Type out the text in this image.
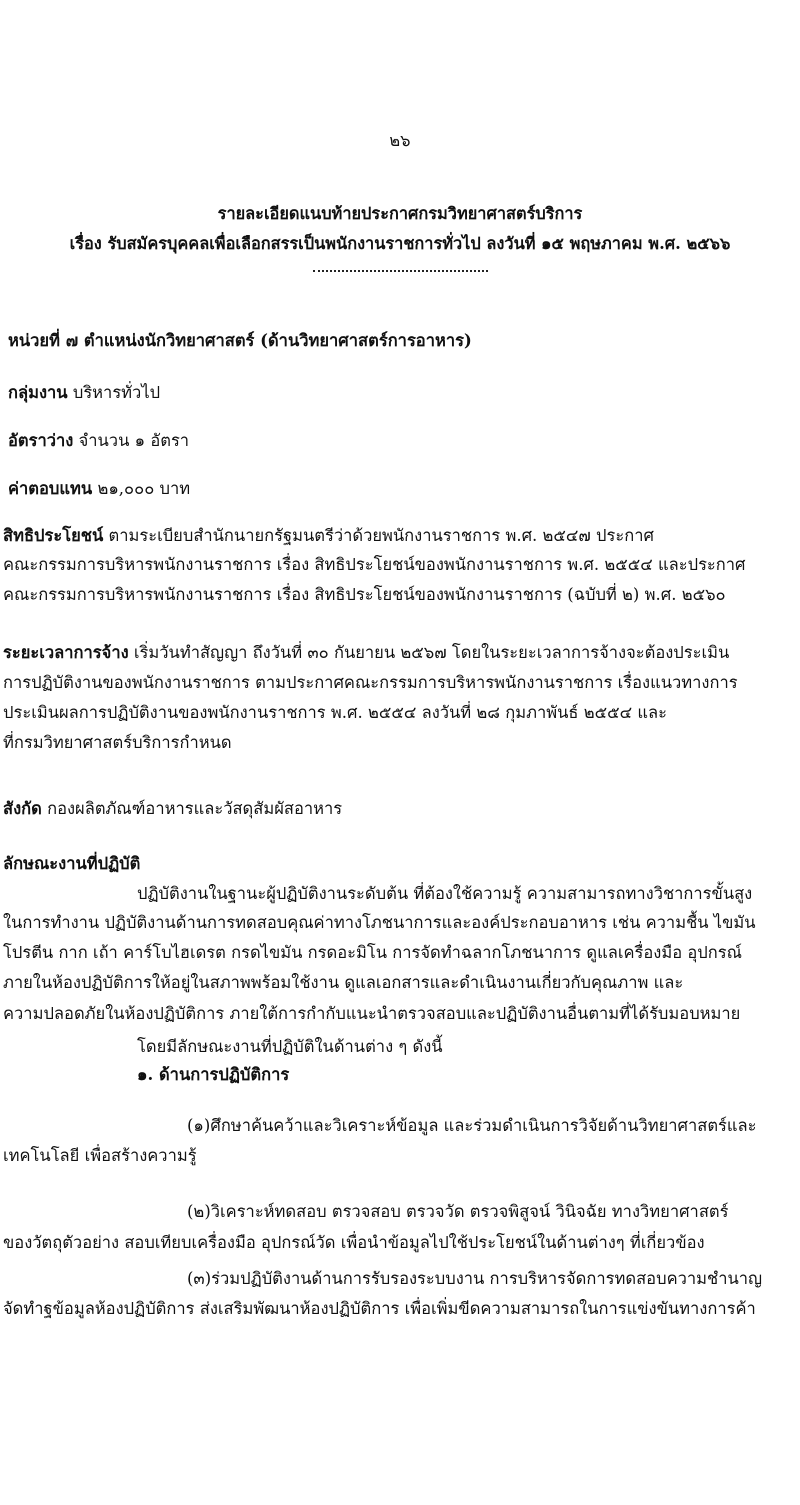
๒๖
รายละเอียดแนบท้ายประกาศกรมวิทยาศาสตร์บริการ
เรื่อง รับสมัครบุคคลเพื่อเลือกสรรเป็นพนักงานราชการทั่วไป ลงวันที่ ๑๕ พฤษภาคม พ.ศ. ๒๕๖๖
หน่วยที่ ๗ ตำแหน่งนักวิทยาศาสตร์ (ด้านวิทยาศาสตร์การอาหาร)
กลุ่มงาน บริหารทั่วไป
อัตราว่าง จำนวน ๑ อัตรา
ค่าตอบแทน ๒๑,๐๐๐ บาท
สิทธิประโยชน์ ตามระเบียบสำนักนายกรัฐมนตรีว่าด้วยพนักงานราชการ พ.ศ. ๒๕๔๗ ประกาศ
คณะกรรมการบริหารพนักงานราชการ เรื่อง สิทธิประโยชน์ของพนักงานราชการ พ.ศ. ๒๕๕๔ และประกาศ
คณะกรรมการบริหารพนักงานราชการ เรื่อง สิทธิประโยชน์ของพนักงานราชการ (ฉบับที่ ๒) พ.ศ. ๒๕๖๐
ระยะเวลาการจ้าง เริ่มวันทำสัญญา ถึงวันที่ ๓๐ กันยายน ๒๕๖๗ โดยในระยะเวลาการจ้างจะต้องประเมิน
การปฏิบัติงานของพนักงานราชการ ตามประกาศคณะกรรมการบริหารพนักงานราชการ เรื่องแนวทางการ
ประเมินผลการปฏิบัติงานของพนักงานราชการ พ.ศ. ๒๕๕๔ ลงวันที่ ๒๘ กุมภาพันธ์ ๒๕๕๔ และ
ที่กรมวิทยาศาสตร์บริการกำหนด
สังกัด กองผลิตภัณฑ์อาหารและวัสดุสัมผัสอาหาร
ลักษณะงานที่ปฏิบัติ
ปฏิบัติงานในฐานะผู้ปฏิบัติงานระดับต้น ที่ต้องใช้ความรู้ ความสามารถทางวิชาการขั้นสูง
ในการทำงาน ปฏิบัติงานด้านการทดสอบคุณค่าทางโภชนาการและองค์ประกอบอาหาร เช่น ความชื้น ไขมัน
โปรตีน กาก เถ้า คาร์โบไฮเดรต กรดไขมัน กรดอะมิโน การจัดทำฉลากโภชนาการ ดูแลเครื่องมือ อุปกรณ์
ภายในห้องปฏิบัติการให้อยู่ในสภาพพร้อมใช้งาน ดูแลเอกสารและดำเนินงานเกี่ยวกับคุณภาพ และ
ความปลอดภัยในห้องปฏิบัติการ ภายใต้การกำกับแนะนำตรวจสอบและปฏิบัติงานอื่นตามที่ได้รับมอบหมาย
โดยมีลักษณะงานที่ปฏิบัติในด้านต่าง ๆ ดังนี้
๑. ด้านการปฏิบัติการ
(๑)ศึกษาค้นคว้าและวิเคราะห์ข้อมูล และร่วมดำเนินการวิจัยด้านวิทยาศาสตร์และ
เทคโนโลยี เพื่อสร้างความรู้
(๒)วิเคราะห์ทดสอบ ตรวจสอบ ตรวจวัด ตรวจพิสูจน์ วินิจฉัย ทางวิทยาศาสตร์
ของวัตถุตัวอย่าง สอบเทียบเครื่องมือ อุปกรณ์วัด เพื่อนำข้อมูลไปใช้ประโยชน์ในด้านต่างๆ ที่เกี่ยวข้อง
(๓)ร่วมปฏิบัติงานด้านการรับรองระบบงาน การบริหารจัดการทดสอบความชำนาญ
จัดทำฐข้อมูลห้องปฏิบัติการ ส่งเสริมพัฒนาห้องปฏิบัติการ เพื่อเพิ่มขีดความสามารถในการแข่งขันทางการค้า
